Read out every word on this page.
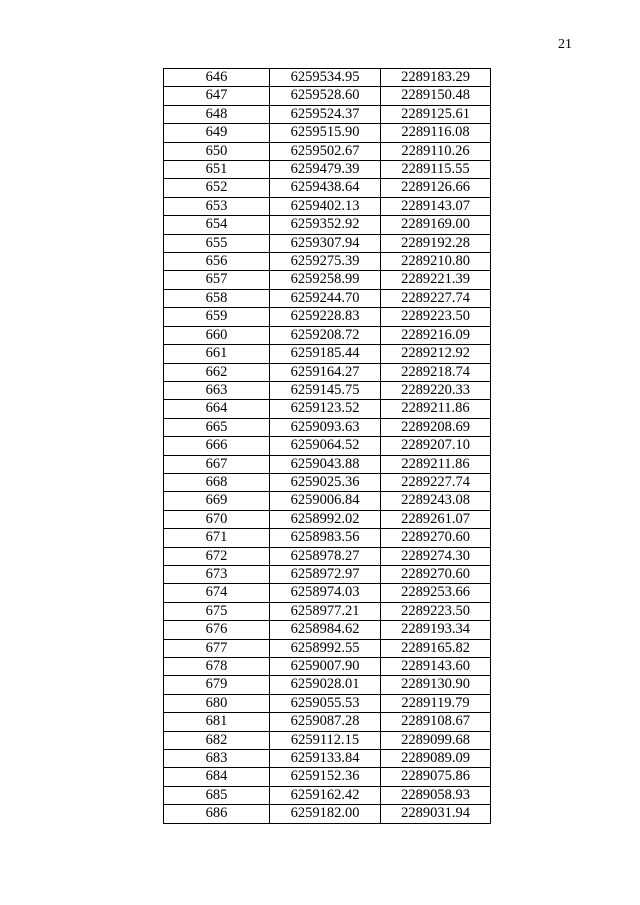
21
646	6259534.95	2289183.29
647	6259528.60	2289150.48
648	6259524.37	2289125.61
649	6259515.90	2289116.08
650	6259502.67	2289110.26
651	6259479.39	2289115.55
652	6259438.64	2289126.66
653	6259402.13	2289143.07
654	6259352.92	2289169.00
655	6259307.94	2289192.28
656	6259275.39	2289210.80
657	6259258.99	2289221.39
658	6259244.70	2289227.74
659	6259228.83	2289223.50
660	6259208.72	2289216.09
661	6259185.44	2289212.92
662	6259164.27	2289218.74
663	6259145.75	2289220.33
664	6259123.52	2289211.86
665	6259093.63	2289208.69
666	6259064.52	2289207.10
667	6259043.88	2289211.86
668	6259025.36	2289227.74
669	6259006.84	2289243.08
670	6258992.02	2289261.07
671	6258983.56	2289270.60
672	6258978.27	2289274.30
673	6258972.97	2289270.60
674	6258974.03	2289253.66
675	6258977.21	2289223.50
676	6258984.62	2289193.34
677	6258992.55	2289165.82
678	6259007.90	2289143.60
679	6259028.01	2289130.90
680	6259055.53	2289119.79
681	6259087.28	2289108.67
682	6259112.15	2289099.68
683	6259133.84	2289089.09
684	6259152.36	2289075.86
685	6259162.42	2289058.93
686	6259182.00	2289031.94
